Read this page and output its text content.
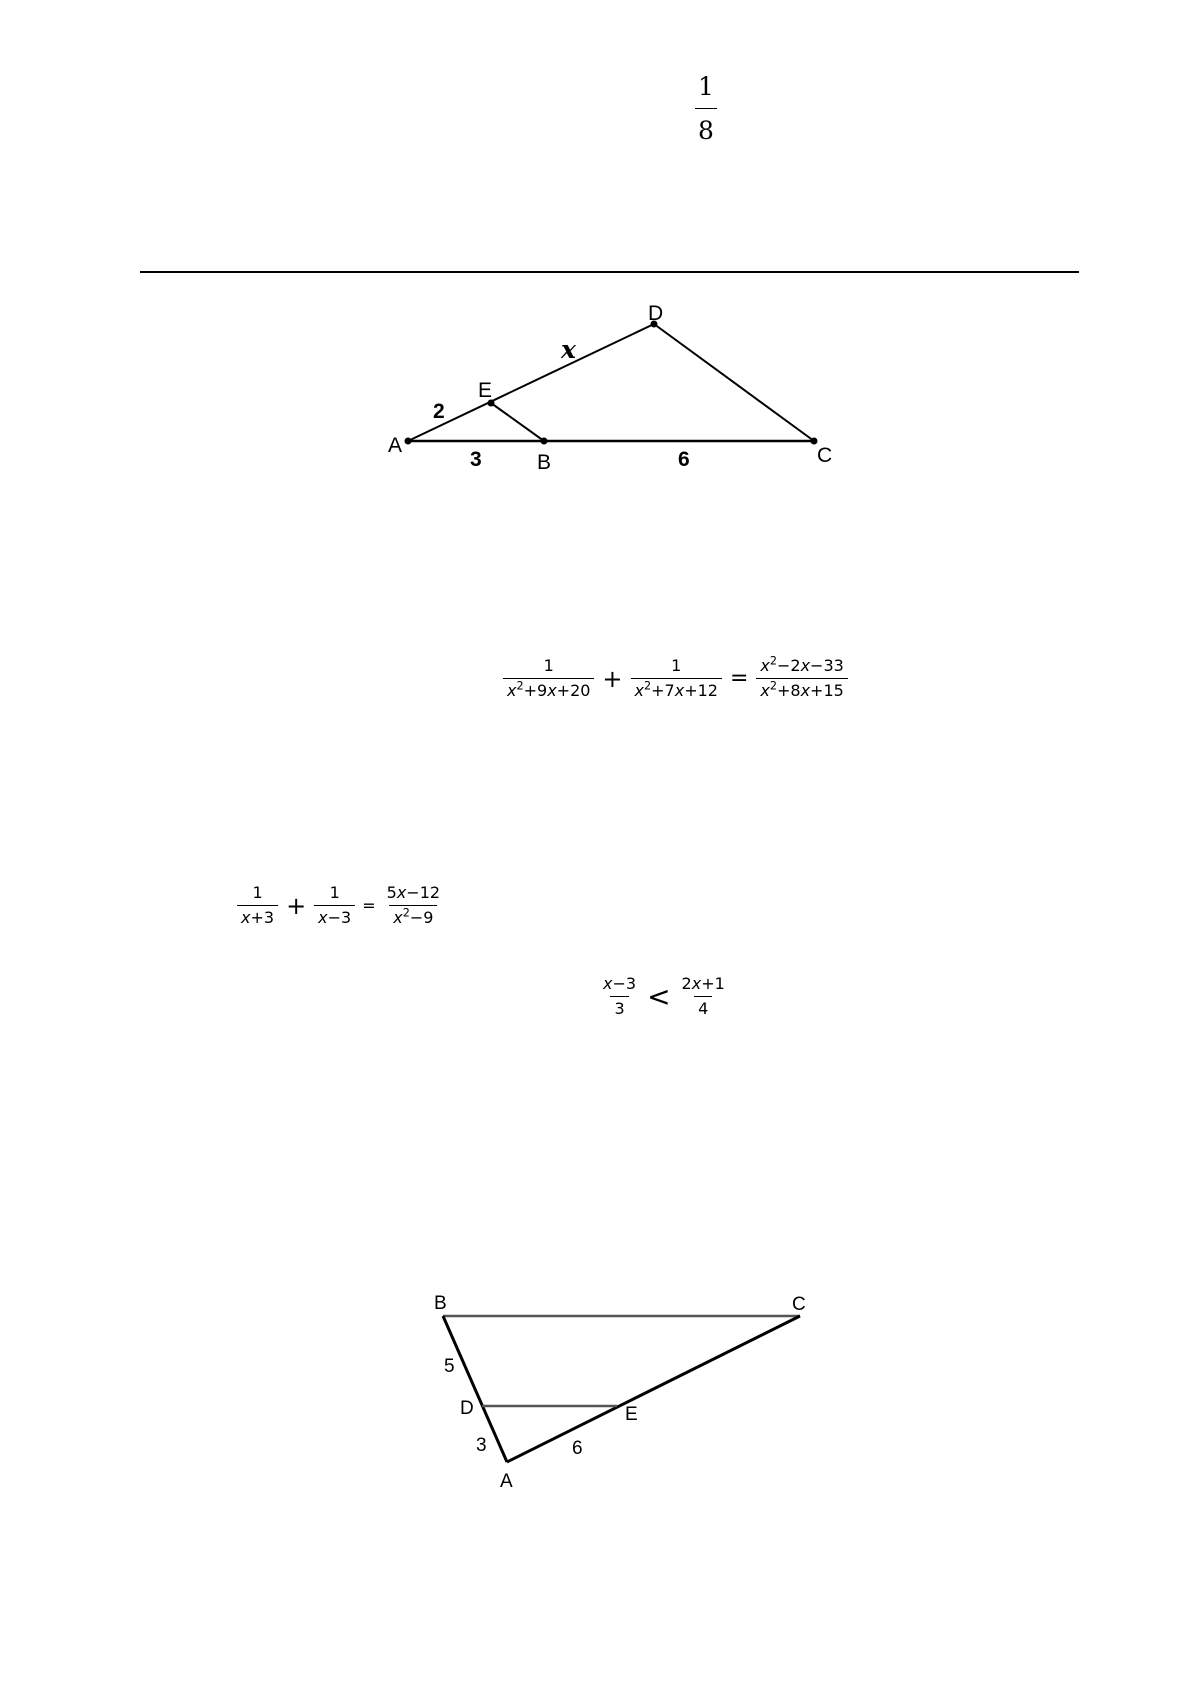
$\frac{1}{8}$
A
B	C
D
E
2
x
3	6
B	C
D	E
A
5
3	6
$\frac{1}{x^2+9x+20} + \frac{1}{x^2+7x+12} = \frac{x^2-2x-33}{x^2+8x+15}$
$\frac{1}{x+3} + \frac{1}{x-3} = \frac{5x-12}{x^2-9}$
$\frac{x-3}{3} < \frac{2x+1}{4}$
